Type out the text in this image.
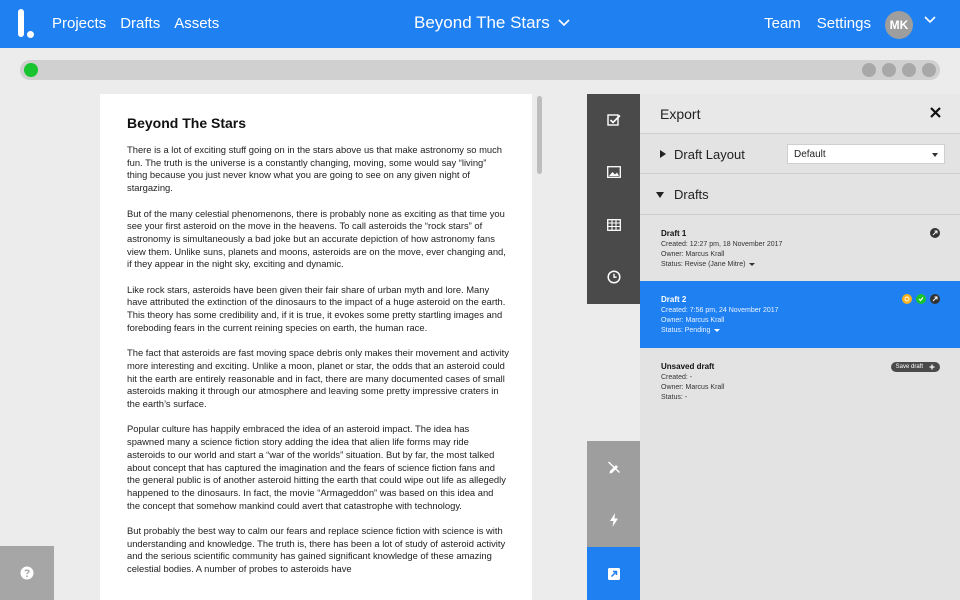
Projects Drafts Assets	Beyond The Stars	Team Settings	MK
Beyond The Stars

There is a lot of exciting stuff going on in the stars above us that make astronomy so much fun. The truth is the universe is a constantly changing, moving, some would say “living” thing because you just never know what you are going to see on any given night of stargazing.

But of the many celestial phenomenons, there is probably none as exciting as that time you see your first asteroid on the move in the heavens. To call asteroids the “rock stars” of astronomy is simultaneously a bad joke but an accurate depiction of how astronomy fans view them. Unlike suns, planets and moons, asteroids are on the move, ever changing and, if they appear in the night sky, exciting and dynamic.

Like rock stars, asteroids have been given their fair share of urban myth and lore. Many have attributed the extinction of the dinosaurs to the impact of a huge asteroid on the earth. This theory has some credibility and, if it is true, it evokes some pretty startling images and foreboding fears in the current reining species on earth, the human race.

The fact that asteroids are fast moving space debris only makes their movement and activity more interesting and exciting. Unlike a moon, planet or star, the odds that an asteroid could hit the earth are entirely reasonable and in fact, there are many documented cases of small asteroids making it through our atmosphere and leaving some pretty impressive craters in the earth’s surface.

Popular culture has happily embraced the idea of an asteroid impact. The idea has spawned many a science fiction story adding the idea that alien life forms may ride asteroids to our world and start a “war of the worlds” situation. But by far, the most talked about concept that has captured the imagination and the fears of science fiction fans and the general public is of another asteroid hitting the earth that could wipe out life as allegedly happened to the dinosaurs. In fact, the movie “Armageddon” was based on this idea and the concept that somehow mankind could avert that catastrophe with technology.

But probably the best way to calm our fears and replace science fiction with science is with understanding and knowledge. The truth is, there has been a lot of study of asteroid activity and the serious scientific community has gained significant knowledge of these amazing celestial bodies. A number of probes to asteroids have

Export
Draft Layout	Default
Drafts
Draft 1
Created: 12:27 pm, 18 November 2017
Owner: Marcus Krall
Status: Revise (Jane Mitre)
Draft 2
Created: 7:56 pm, 24 November 2017
Owner: Marcus Krall
Status: Pending
Unsaved draft
Created: -
Owner: Marcus Krall
Status: -
Save draft
